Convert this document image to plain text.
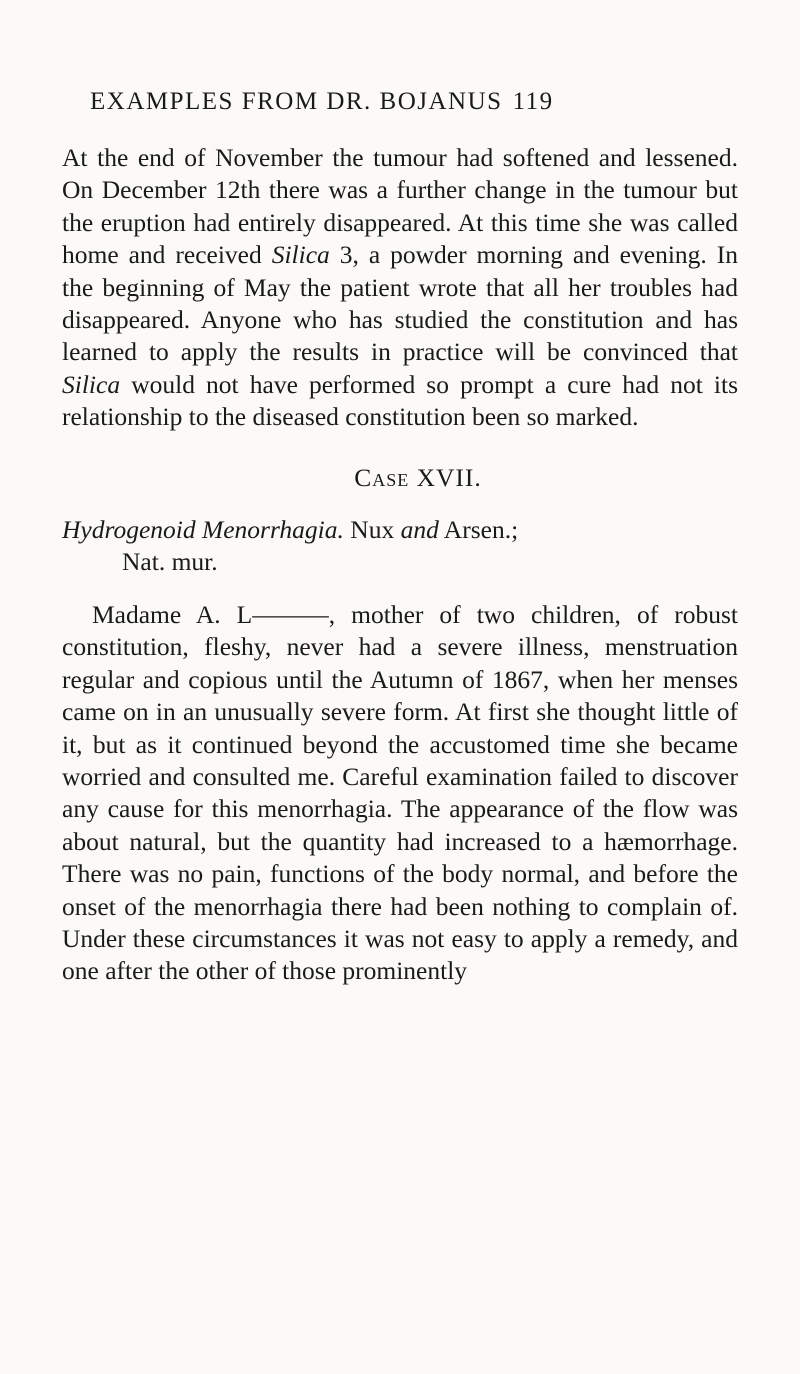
EXAMPLES FROM DR. BOJANUS 119

At the end of November the tumour had softened and lessened. On December 12th there was a further change in the tumour but the eruption had entirely disappeared. At this time she was called home and received Silica 3, a powder morning and evening. In the beginning of May the patient wrote that all her troubles had disappeared. Anyone who has studied the constitution and has learned to apply the results in practice will be convinced that Silica would not have performed so prompt a cure had not its relationship to the diseased constitution been so marked.

Case XVII.
Hydrogenoid Menorrhagia. Nux and Arsen.;
Nat. mur.

Madame A. L———, mother of two children, of robust constitution, fleshy, never had a severe illness, menstruation regular and copious until the Autumn of 1867, when her menses came on in an unusually severe form. At first she thought little of it, but as it continued beyond the accustomed time she became worried and consulted me. Careful examination failed to discover any cause for this menorrhagia. The appearance of the flow was about natural, but the quantity had increased to a hæmorrhage. There was no pain, functions of the body normal, and before the onset of the menorrhagia there had been nothing to complain of. Under these circumstances it was not easy to apply a remedy, and one after the other of those prominently
